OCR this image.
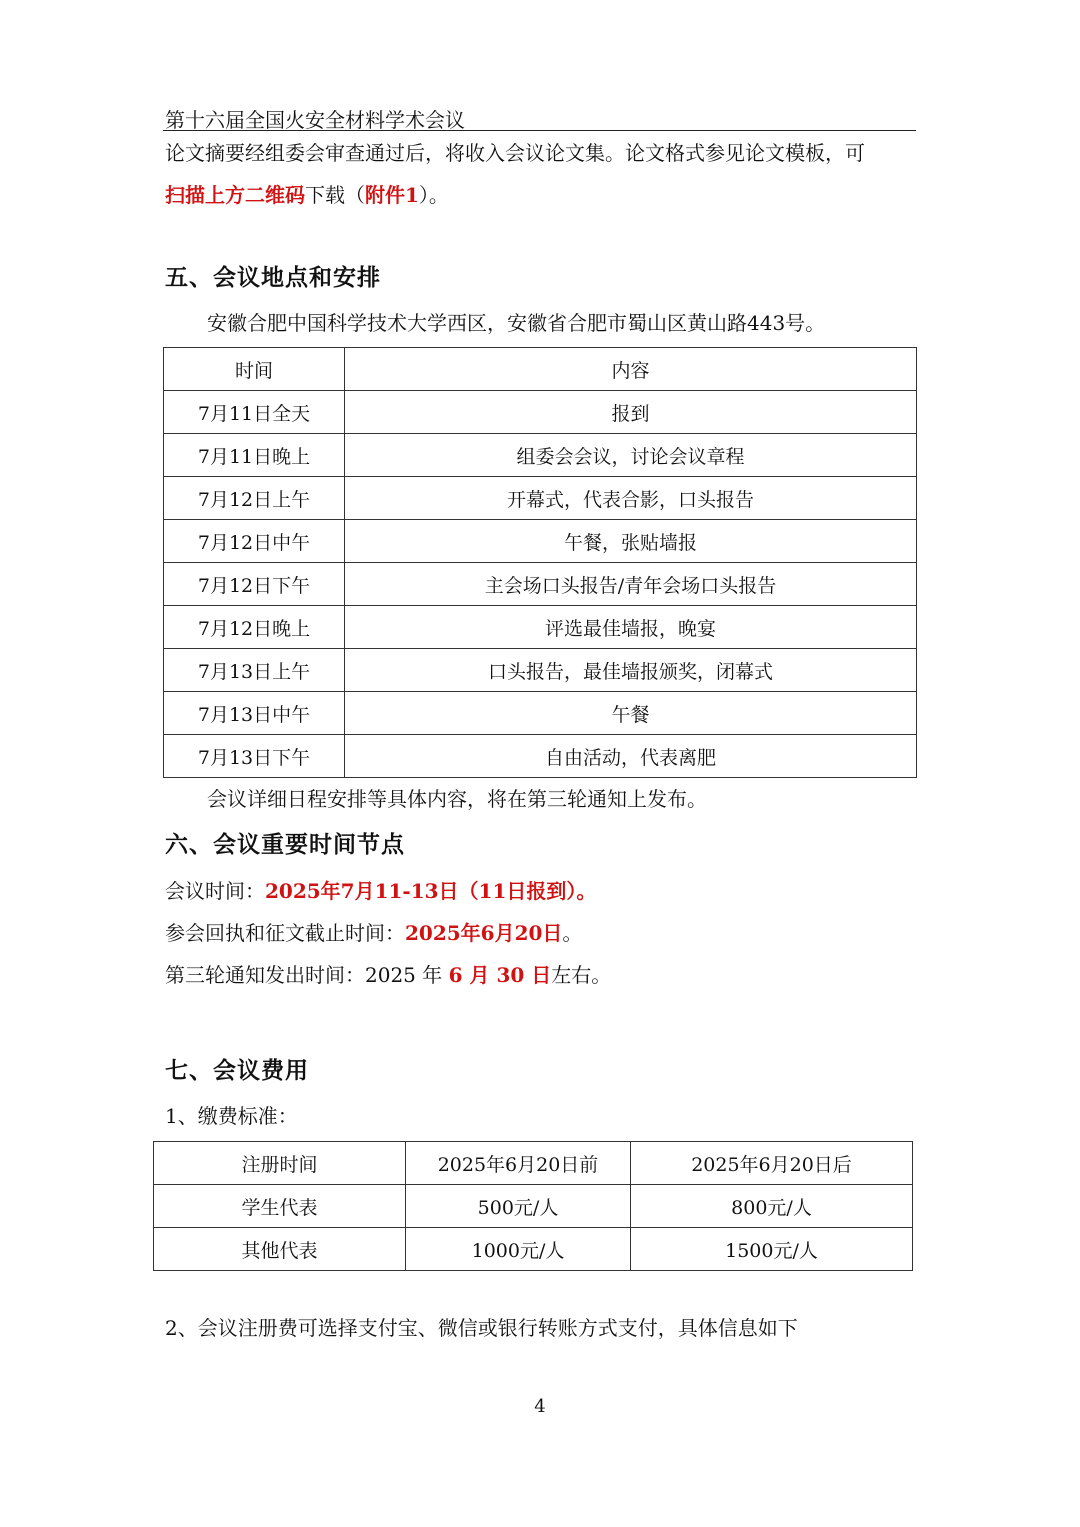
第十六届全国火安全材料学术会议
论文摘要经组委会审查通过后，将收入会议论文集。论文格式参见论文模板，可
扫描上方二维码下载（附件1）。
五、会议地点和安排
安徽合肥中国科学技术大学西区，安徽省合肥市蜀山区黄山路443号。
时间	内容
7月11日全天	报到
7月11日晚上	组委会会议，讨论会议章程
7月12日上午	开幕式，代表合影，口头报告
7月12日中午	午餐，张贴墙报
7月12日下午	主会场口头报告/青年会场口头报告
7月12日晚上	评选最佳墙报，晚宴
7月13日上午	口头报告，最佳墙报颁奖，闭幕式
7月13日中午	午餐
7月13日下午	自由活动，代表离肥
会议详细日程安排等具体内容，将在第三轮通知上发布。
六、会议重要时间节点
会议时间：2025年7月11-13日（11日报到）。
参会回执和征文截止时间：2025年6月20日。
第三轮通知发出时间：2025 年 6 月 30 日左右。
七、会议费用
1、缴费标准：
注册时间	2025年6月20日前	2025年6月20日后
学生代表	500元/人	800元/人
其他代表	1000元/人	1500元/人
2、会议注册费可选择支付宝、微信或银行转账方式支付，具体信息如下
4
